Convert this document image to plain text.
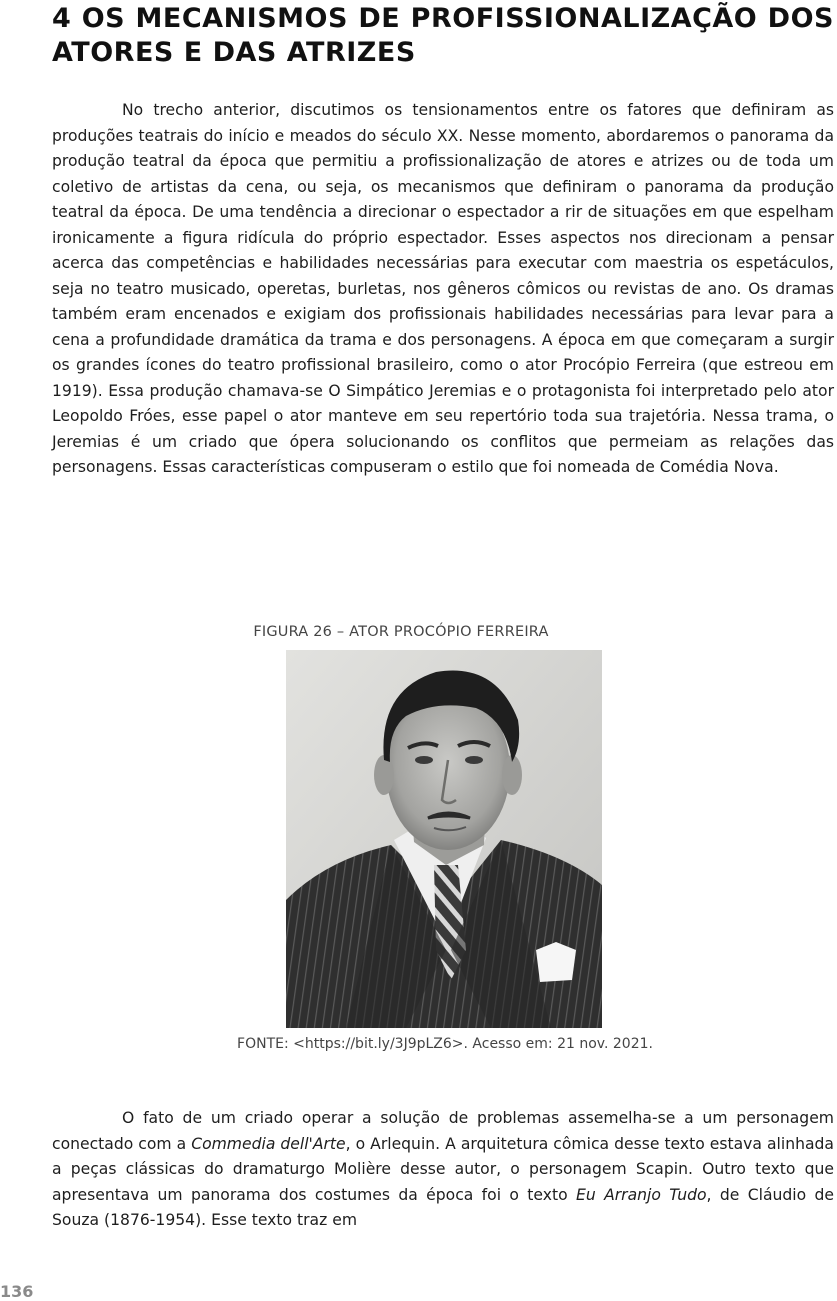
4 OS MECANISMOS DE PROFISSIONALIZAÇÃO DOS ATORES E DAS ATRIZES

No trecho anterior, discutimos os tensionamentos entre os fatores que definiram as produções teatrais do início e meados do século XX. Nesse momento, abordaremos o panorama da produção teatral da época que permitiu a profissionalização de atores e atrizes ou de toda um coletivo de artistas da cena, ou seja, os mecanismos que definiram o panorama da produção teatral da época. De uma tendência a direcionar o espectador a rir de situações em que espelham ironicamente a figura ridícula do próprio espectador. Esses aspectos nos direcionam a pensar acerca das competências e habilidades necessárias para executar com maestria os espetáculos, seja no teatro musicado, operetas, burletas, nos gêneros cômicos ou revistas de ano. Os dramas também eram encenados e exigiam dos profissionais habilidades necessárias para levar para a cena a profundidade dramática da trama e dos personagens. A época em que começaram a surgir os grandes ícones do teatro profissional brasileiro, como o ator Procópio Ferreira (que estreou em 1919). Essa produção chamava-se O Simpático Jeremias e o protagonista foi interpretado pelo ator Leopoldo Fróes, esse papel o ator manteve em seu repertório toda sua trajetória. Nessa trama, o Jeremias é um criado que ópera solucionando os conflitos que permeiam as relações das personagens. Essas características compuseram o estilo que foi nomeada de Comédia Nova.

FIGURA 26 – ATOR PROCÓPIO FERREIRA
FONTE: <https://bit.ly/3J9pLZ6>. Acesso em: 21 nov. 2021.

O fato de um criado operar a solução de problemas assemelha-se a um personagem conectado com a Commedia dell'Arte, o Arlequin. A arquitetura cômica desse texto estava alinhada a peças clássicas do dramaturgo Molière desse autor, o personagem Scapin. Outro texto que apresentava um panorama dos costumes da época foi o texto Eu Arranjo Tudo, de Cláudio de Souza (1876-1954). Esse texto traz em

136
